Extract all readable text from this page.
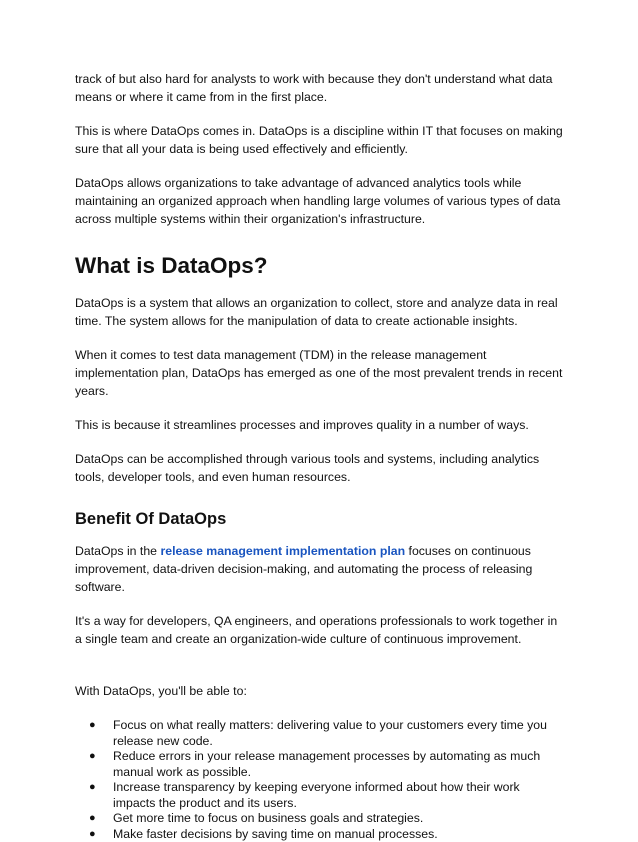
track of but also hard for analysts to work with because they don't understand what data means or where it came from in the first place.

This is where DataOps comes in. DataOps is a discipline within IT that focuses on making sure that all your data is being used effectively and efficiently.

DataOps allows organizations to take advantage of advanced analytics tools while maintaining an organized approach when handling large volumes of various types of data across multiple systems within their organization's infrastructure.

What is DataOps?

DataOps is a system that allows an organization to collect, store and analyze data in real time. The system allows for the manipulation of data to create actionable insights.

When it comes to test data management (TDM) in the release management implementation plan, DataOps has emerged as one of the most prevalent trends in recent years.

This is because it streamlines processes and improves quality in a number of ways.

DataOps can be accomplished through various tools and systems, including analytics tools, developer tools, and even human resources.

Benefit Of DataOps

DataOps in the release management implementation plan focuses on continuous improvement, data-driven decision-making, and automating the process of releasing software.

It's a way for developers, QA engineers, and operations professionals to work together in a single team and create an organization-wide culture of continuous improvement.

With DataOps, you'll be able to:

● Focus on what really matters: delivering value to your customers every time you release new code.
● Reduce errors in your release management processes by automating as much manual work as possible.
● Increase transparency by keeping everyone informed about how their work impacts the product and its users.
● Get more time to focus on business goals and strategies.
● Make faster decisions by saving time on manual processes.
